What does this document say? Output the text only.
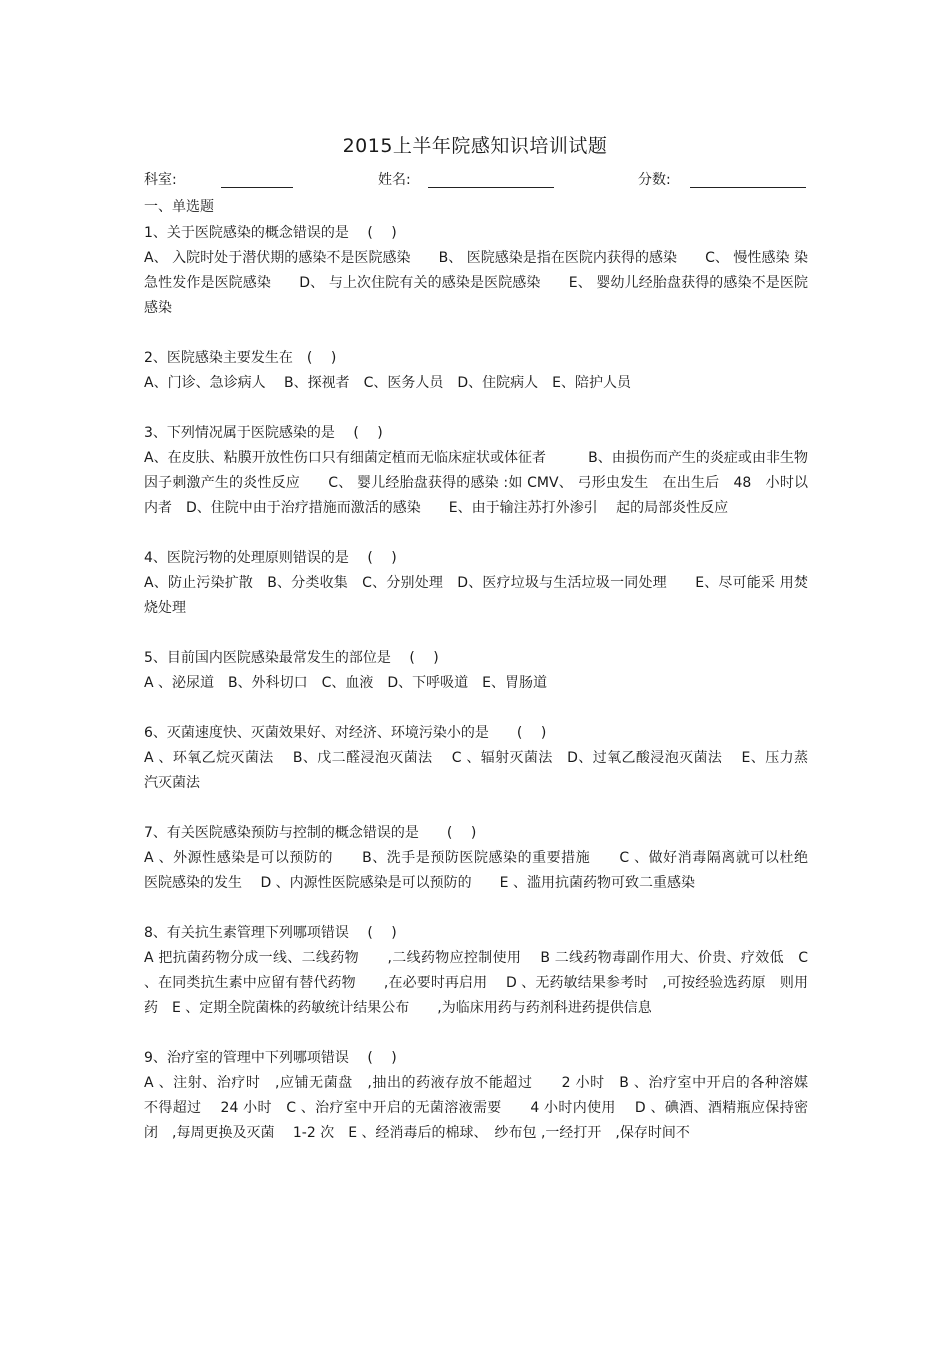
2015上半年院感知识培训试题
科室:	姓名:	分数:
一、单选题
1、关于医院感染的概念错误的是　 (　 )
A、 入院时处于潜伏期的感染不是医院感染　　B、 医院感染是指在医院内获得的感染　　C、 慢性感染 染急性发作是医院感染　　D、 与上次住院有关的感染是医院感染　　E、 婴幼儿经胎盘获得的感染不是医院感染
2、医院感染主要发生在　(　 )
A、门诊、急诊病人　 B、探视者　C、医务人员　D、住院病人　E、陪护人员
3、下列情况属于医院感染的是　 (　 )
A、在皮肤、粘膜开放性伤口只有细菌定植而无临床症状或体征者　　　B、由损伤而产生的炎症或由非生物因子刺激产生的炎性反应　　C、 婴儿经胎盘获得的感染 :如 CMV、 弓形虫发生　在出生后　48　小时以内者　D、住院中由于治疗措施而激活的感染　　E、由于输注苏打外渗引　 起的局部炎性反应
4、医院污物的处理原则错误的是　 (　 )
A、防止污染扩散　B、分类收集　C、分别处理　D、医疗垃圾与生活垃圾一同处理　　E、尽可能采 用焚烧处理
5、目前国内医院感染最常发生的部位是　 (　 )
A 、泌尿道　B、外科切口　C、血液　D、下呼吸道　E、胃肠道
6、灭菌速度快、灭菌效果好、对经济、环境污染小的是　　(　 )
A 、环氧乙烷灭菌法　 B、戊二醛浸泡灭菌法　 C 、辐射灭菌法　D、过氧乙酸浸泡灭菌法　 E、压力蒸　汽灭菌法
7、有关医院感染预防与控制的概念错误的是　　(　 )
A 、外源性感染是可以预防的　　B、洗手是预防医院感染的重要措施　　C 、做好消毒隔离就可以杜绝　医院感染的发生　 D 、内源性医院感染是可以预防的　　E 、滥用抗菌药物可致二重感染
8、有关抗生素管理下列哪项错误　 (　 )
A 把抗菌药物分成一线、二线药物　　,二线药物应控制使用　 B 二线药物毒副作用大、价贵、疗效低　C 、在同类抗生素中应留有替代药物　　,在必要时再启用　 D 、无药敏结果参考时　,可按经验选药原　则用药　E 、定期全院菌株的药敏统计结果公布　　,为临床用药与药剂科进药提供信息
9、治疗室的管理中下列哪项错误　 (　 )
A 、注射、治疗时　,应铺无菌盘　,抽出的药液存放不能超过　　2 小时　B 、治疗室中开启的各种溶媒　不得超过　 24 小时　C 、治疗室中开启的无菌溶液需要　　4 小时内使用　 D 、碘酒、酒精瓶应保持密闭　,每周更换及灭菌　 1-2 次　E 、经消毒后的棉球、　纱布包 ,一经打开　,保存时间不
